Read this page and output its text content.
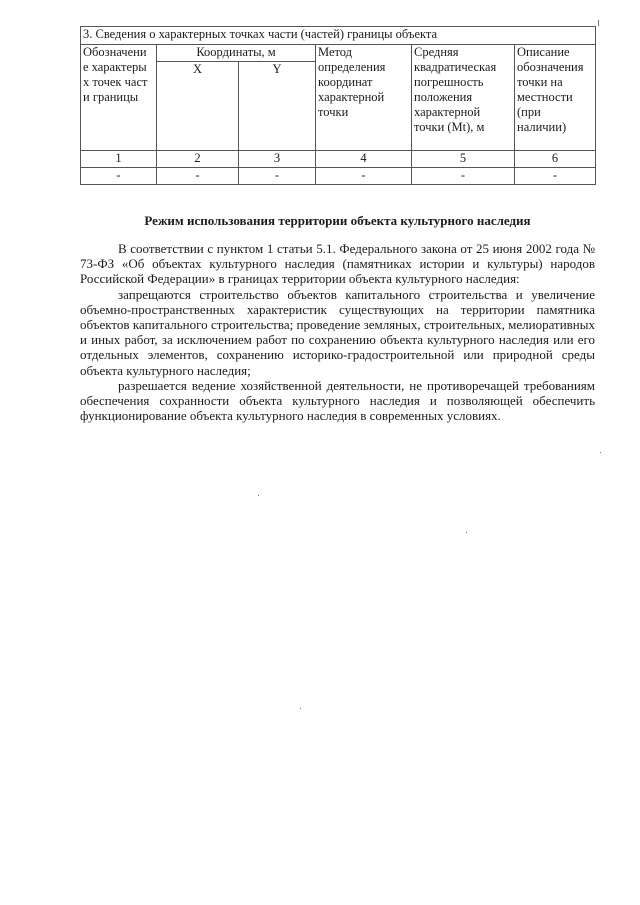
3. Сведения о характерных точках части (частей) границы объекта					
Обозначени е характеры х точек части границы	Координаты, м		Метод определения координат характерной точки	Средняя квадратическая погрешность положения характерной точки (Mt), м	Описание обозначения точки на местности (при наличии)
	X	Y			
1	2	3	4	5	6
-	-	-	-	-	-
Режим использования территории объекта культурного наследия

В соответствии с пунктом 1 статьи 5.1. Федерального закона от 25 июня 2002 года № 73-ФЗ «Об объектах культурного наследия (памятниках истории и культуры) народов Российской Федерации» в границах территории объекта культурного наследия:

запрещаются строительство объектов капитального строительства и увеличение объемно-пространственных характеристик существующих на территории памятника объектов капитального строительства; проведение земляных, строительных, мелиоративных и иных работ, за исключением работ по сохранению объекта культурного наследия или его отдельных элементов, сохранению историко-градостроительной или природной среды объекта культурного наследия;

разрешается ведение хозяйственной деятельности, не противоречащей требованиям обеспечения сохранности объекта культурного наследия и позволяющей обеспечить функционирование объекта культурного наследия в современных условиях.
